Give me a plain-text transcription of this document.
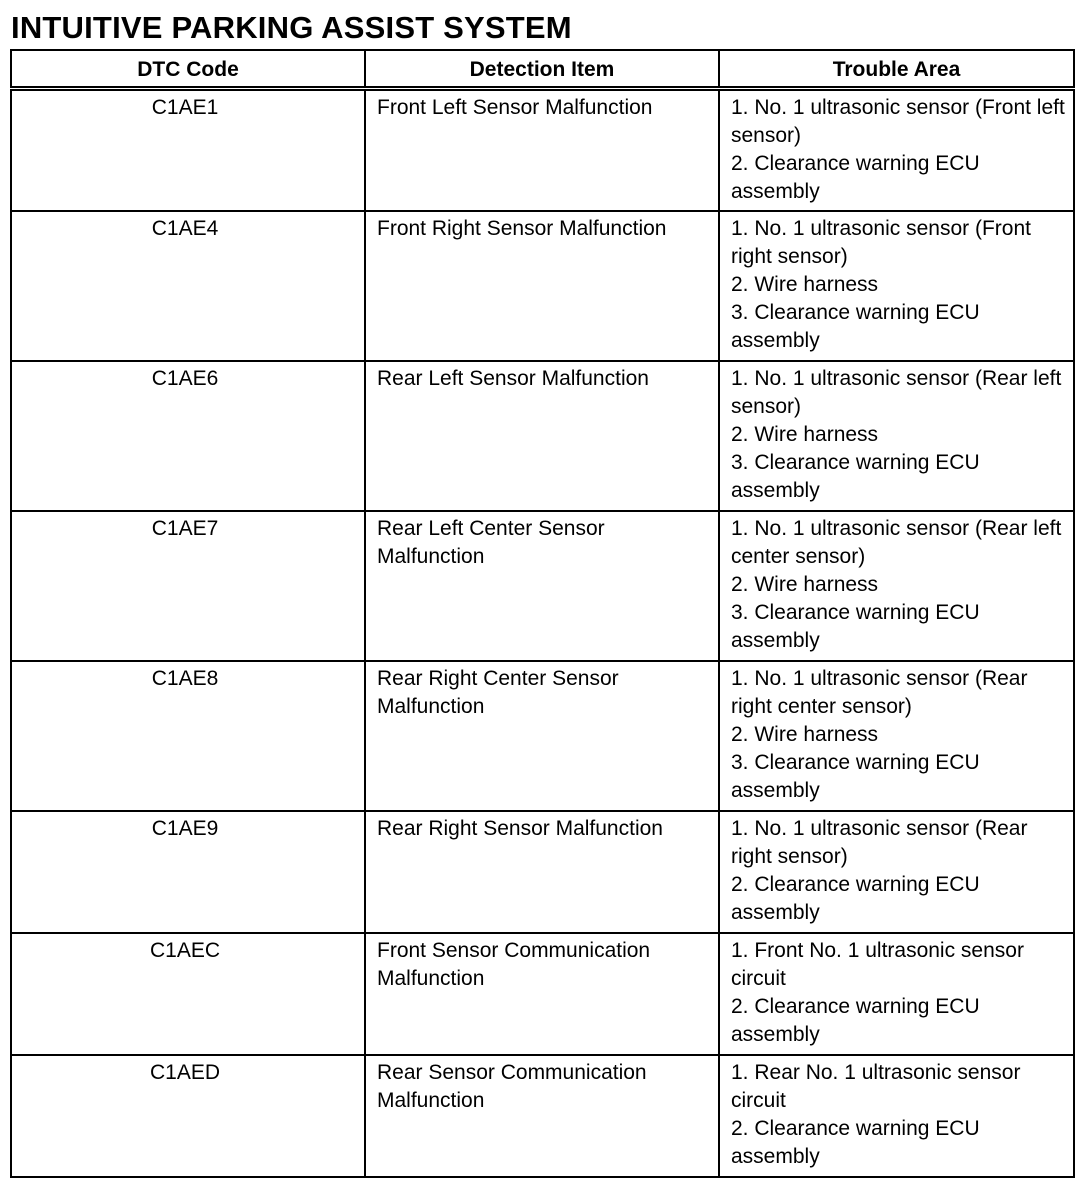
INTUITIVE PARKING ASSIST SYSTEM
DTC Code	Detection Item	Trouble Area
C1AE1	Front Left Sensor Malfunction	1. No. 1 ultrasonic sensor (Front left sensor)
2. Clearance warning ECU assembly

C1AE4	Front Right Sensor Malfunction	1. No. 1 ultrasonic sensor (Front right sensor)
2. Wire harness
3. Clearance warning ECU assembly

C1AE6	Rear Left Sensor Malfunction	1. No. 1 ultrasonic sensor (Rear left sensor)
2. Wire harness
3. Clearance warning ECU assembly

C1AE7	Rear Left Center Sensor Malfunction	1. No. 1 ultrasonic sensor (Rear left center sensor)
2. Wire harness
3. Clearance warning ECU assembly

C1AE8	Rear Right Center Sensor Malfunction	1. No. 1 ultrasonic sensor (Rear right center sensor)
2. Wire harness
3. Clearance warning ECU assembly

C1AE9	Rear Right Sensor Malfunction	1. No. 1 ultrasonic sensor (Rear right sensor)
2. Clearance warning ECU assembly

C1AEC	Front Sensor Communication Malfunction	1. Front No. 1 ultrasonic sensor circuit
2. Clearance warning ECU assembly

C1AED	Rear Sensor Communication Malfunction	1. Rear No. 1 ultrasonic sensor circuit
2. Clearance warning ECU assembly
